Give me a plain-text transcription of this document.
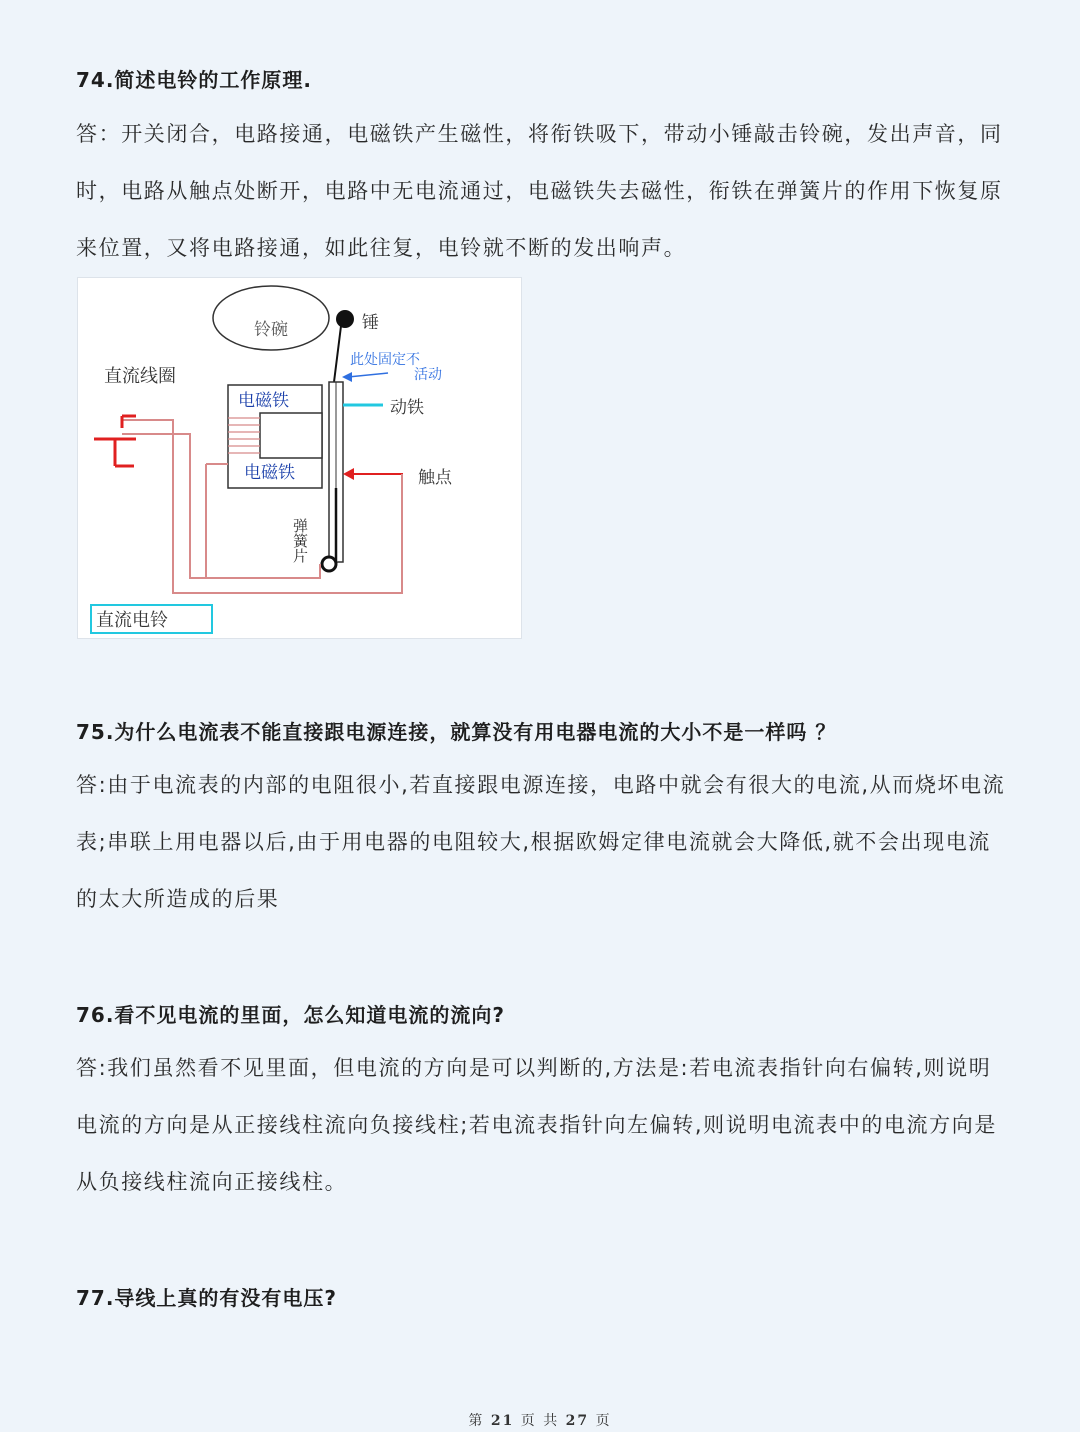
74.简述电铃的工作原理.

答：开关闭合，电路接通，电磁铁产生磁性，将衔铁吸下，带动小锤敲击铃碗，发出声音，同时，电路从触点处断开，电路中无电流通过，电磁铁失去磁性，衔铁在弹簧片的作用下恢复原来位置，又将电路接通，如此往复，电铃就不断的发出响声。

铃碗	锤
此处固定不
活动
直流线圈
电磁铁
电磁铁
动铁
弹簧片
触点
直流电铃
75.为什么电流表不能直接跟电源连接，就算没有用电器电流的大小不是一样吗 ？

答:由于电流表的内部的电阻很小,若直接跟电源连接，电路中就会有很大的电流,从而烧坏电流表;串联上用电器以后,由于用电器的电阻较大,根据欧姆定律电流就会大降低,就不会出现电流的太大所造成的后果

76.看不见电流的里面，怎么知道电流的流向?

答:我们虽然看不见里面，但电流的方向是可以判断的,方法是:若电流表指针向右偏转,则说明电流的方向是从正接线柱流向负接线柱;若电流表指针向左偏转,则说明电流表中的电流方向是从负接线柱流向正接线柱。

77.导线上真的有没有电压?
第 21 页 共 27 页
